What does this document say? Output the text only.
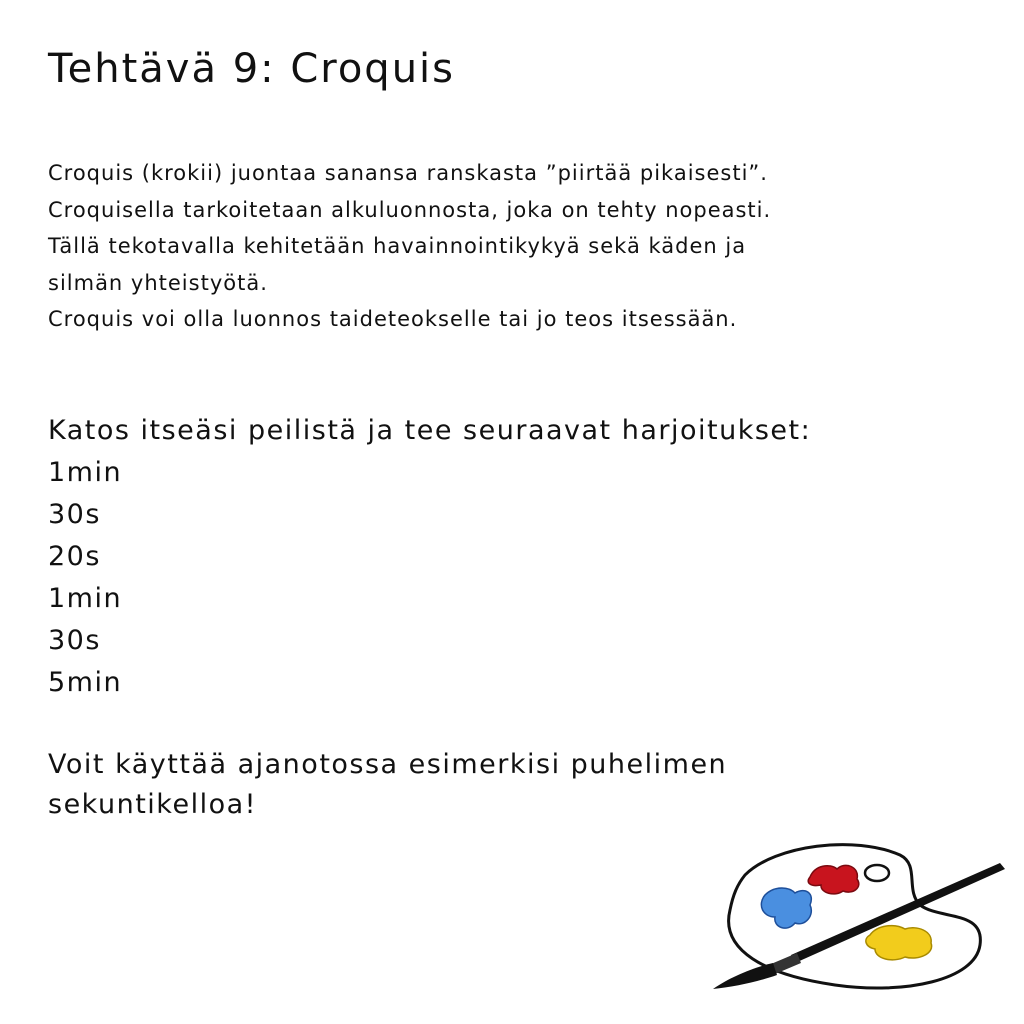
Tehtävä 9: Croquis

Croquis (krokii) juontaa sanansa ranskasta ”piirtää pikaisesti”.

Croquisella tarkoitetaan alkuluonnosta, joka on tehty nopeasti.

Tällä tekotavalla kehitetään havainnointikykyä sekä käden ja

silmän yhteistyötä.

Croquis voi olla luonnos taideteokselle tai jo teos itsessään.

Katos itseäsi peilistä ja tee seuraavat harjoitukset:

1min
30s
20s
1min
30s
5min

Voit käyttää ajanotossa esimerkisi puhelimen

sekuntikelloa!
